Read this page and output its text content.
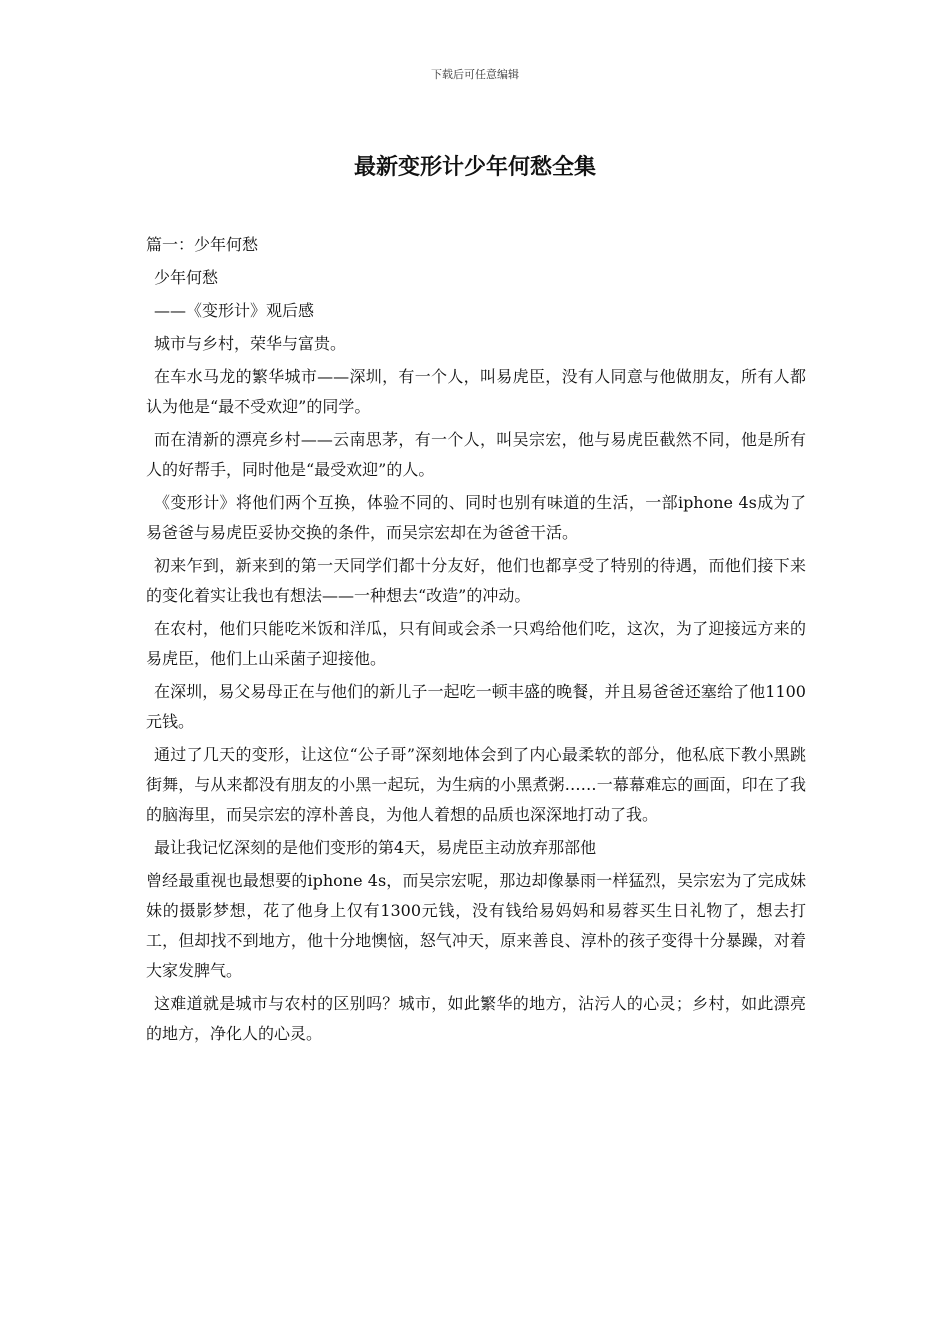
下载后可任意编辑
最新变形计少年何愁全集

篇一：少年何愁

少年何愁

——《变形计》观后感

城市与乡村，荣华与富贵。

在车水马龙的繁华城市——深圳，有一个人，叫易虎臣，没有人同意与他做朋友，所有人都认为他是“最不受欢迎”的同学。

而在清新的漂亮乡村——云南思茅，有一个人，叫吴宗宏，他与易虎臣截然不同，他是所有人的好帮手，同时他是“最受欢迎”的人。

《变形计》将他们两个互换，体验不同的、同时也别有味道的生活，一部iphone 4s成为了易爸爸与易虎臣妥协交换的条件，而吴宗宏却在为爸爸干活。

初来乍到，新来到的第一天同学们都十分友好，他们也都享受了特别的待遇，而他们接下来的变化着实让我也有想法——一种想去“改造”的冲动。

在农村，他们只能吃米饭和洋瓜，只有间或会杀一只鸡给他们吃，这次，为了迎接远方来的易虎臣，他们上山采菌子迎接他。

在深圳，易父易母正在与他们的新儿子一起吃一顿丰盛的晚餐，并且易爸爸还塞给了他1100元钱。

通过了几天的变形，让这位“公子哥”深刻地体会到了内心最柔软的部分，他私底下教小黑跳街舞，与从来都没有朋友的小黑一起玩，为生病的小黑煮粥……一幕幕难忘的画面，印在了我的脑海里，而吴宗宏的淳朴善良，为他人着想的品质也深深地打动了我。

最让我记忆深刻的是他们变形的第4天，易虎臣主动放弃那部他

曾经最重视也最想要的iphone 4s，而吴宗宏呢，那边却像暴雨一样猛烈，吴宗宏为了完成妹妹的摄影梦想，花了他身上仅有1300元钱，没有钱给易妈妈和易蓉买生日礼物了，想去打工，但却找不到地方，他十分地懊恼，怒气冲天，原来善良、淳朴的孩子变得十分暴躁，对着大家发脾气。

这难道就是城市与农村的区别吗？城市，如此繁华的地方，沾污人的心灵；乡村，如此漂亮的地方，净化人的心灵。
